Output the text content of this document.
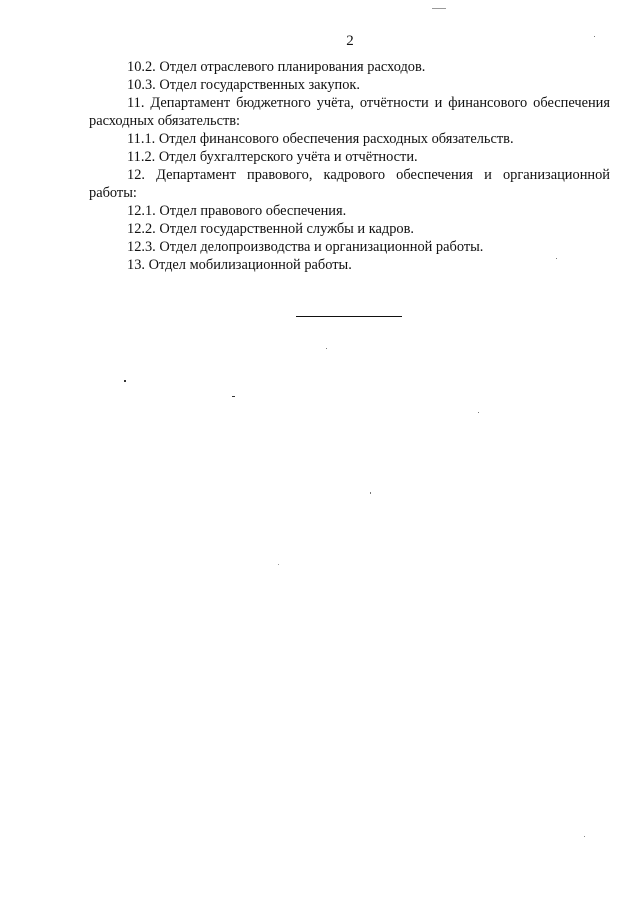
2

10.2. Отдел отраслевого планирования расходов.

10.3. Отдел государственных закупок.

11. Департамент бюджетного учёта, отчётности и финансового обеспечения расходных обязательств:

11.1. Отдел финансового обеспечения расходных обязательств.

11.2. Отдел бухгалтерского учёта и отчётности.

12. Департамент правового, кадрового обеспечения и организационной работы:

12.1. Отдел правового обеспечения.

12.2. Отдел государственной службы и кадров.

12.3. Отдел делопроизводства и организационной работы.

13. Отдел мобилизационной работы.
